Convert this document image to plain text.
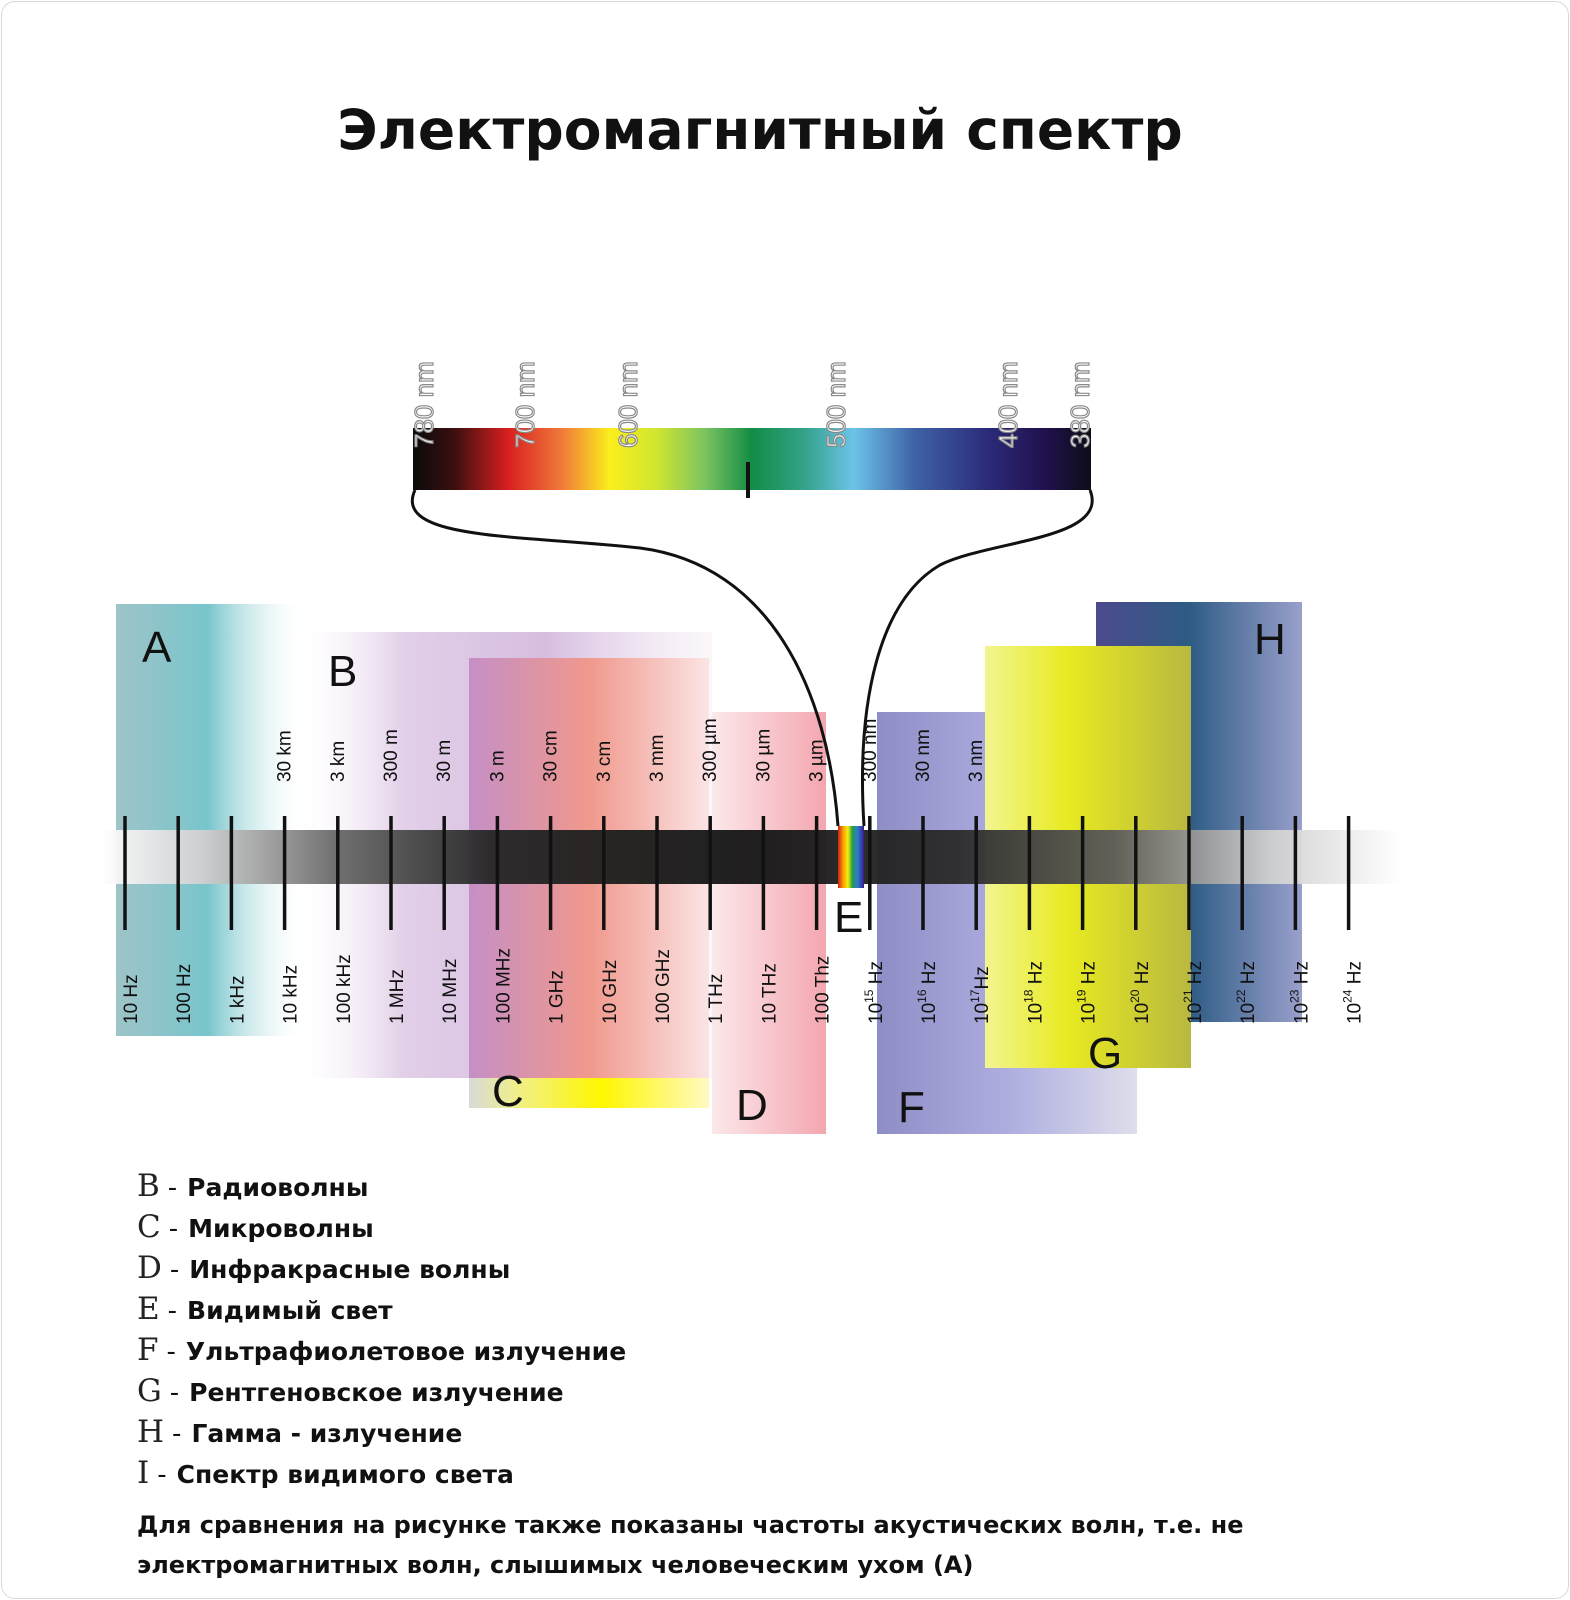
Электромагнитный спектр
30 km 3 km 300 m 30 m 3 m 30 cm 3 cm 3 mm 300 µm 30 µm 3 µm 300 nm 30 nm 3 nm
10 Hz 100 Hz 1 kHz 10 kHz 100 kHz 1 MHz 10 MHz 100 MHz 1 GHz 10 GHz 100 GHz 1 THz 10 THz 100 Thz $10^{15}$ Hz
$10^{16}$ Hz
$10^{17}Hz$
$10^{18}$ Hz
$10^{19}$ Hz
$10^{20}$ Hz
$10^{21}$ Hz
$10^{22}$ Hz
$10^{23}$ Hz
$10^{24}$ Hz
780 nm	700 nm	600 nm	500 nm	400 nm 380 nm
A	B
C	D
E
F
G
H
B - Радиоволны
C - Микроволны
D - Инфракрасные волны
E - Видимый свет
F - Ультрафиолетовое излучение
G - Рентгеновское излучение
H - Гамма - излучение
I - Спектр видимого света
Для сравнения на рисунке также показаны частоты акустических волн, т.е. не электромагнитных волн, слышимых человеческим ухом (А)
